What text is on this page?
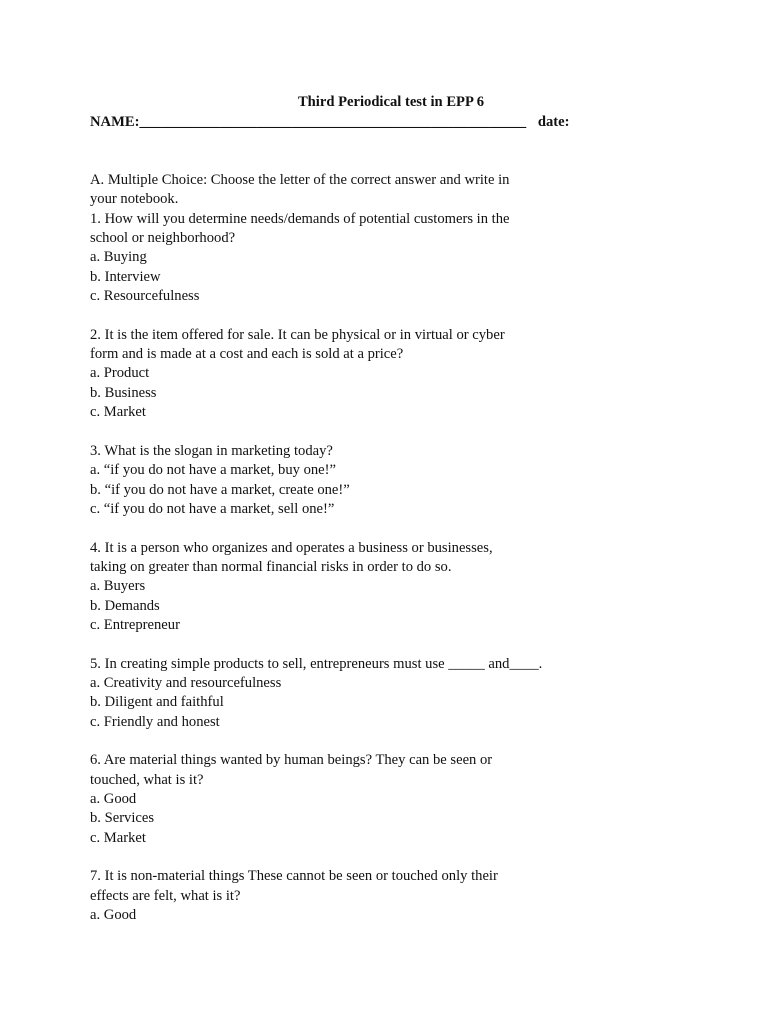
Third Periodical test in EPP 6

NAME:_____________________________________________________ date:

A. Multiple Choice: Choose the letter of the correct answer and write in

your notebook.

1. How will you determine needs/demands of potential customers in the

school or neighborhood?

a. Buying

b. Interview

c. Resourcefulness

2. It is the item offered for sale. It can be physical or in virtual or cyber

form and is made at a cost and each is sold at a price?

a. Product

b. Business

c. Market

3. What is the slogan in marketing today?

a. “if you do not have a market, buy one!”

b. “if you do not have a market, create one!”

c. “if you do not have a market, sell one!”

4. It is a person who organizes and operates a business or businesses,

taking on greater than normal financial risks in order to do so.

a. Buyers

b. Demands

c. Entrepreneur

5. In creating simple products to sell, entrepreneurs must use _____ and____.

a. Creativity and resourcefulness

b. Diligent and faithful

c. Friendly and honest

6. Are material things wanted by human beings? They can be seen or

touched, what is it?

a. Good

b. Services

c. Market

7. It is non-material things These cannot be seen or touched only their

effects are felt, what is it?

a. Good
